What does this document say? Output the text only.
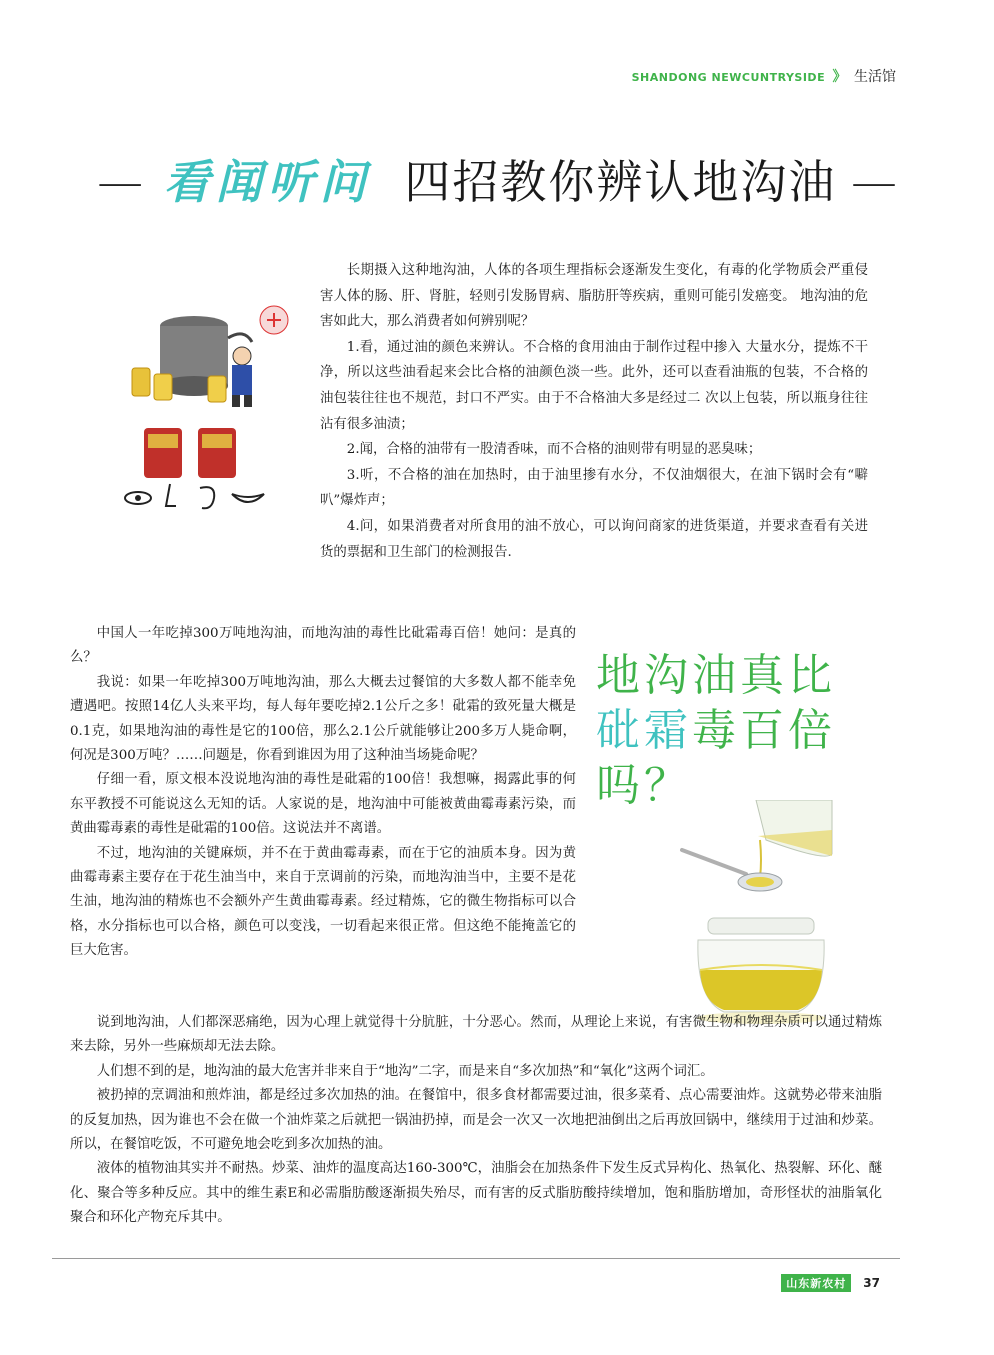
SHANDONG NEWCUNTRYSIDE 》 生活馆
— 看闻听问 四招教你辨认地沟油 —

长期摄入这种地沟油，人体的各项生理指标会逐渐发生变化，有毒的化学物质会严重侵害人体的肠、肝、肾脏，轻则引发肠胃病、脂肪肝等疾病，重则可能引发癌变。 地沟油的危害如此大，那么消费者如何辨别呢？

1.看，通过油的颜色来辨认。不合格的食用油由于制作过程中掺入 大量水分，提炼不干净，所以这些油看起来会比合格的油颜色淡一些。此外，还可以查看油瓶的包装，不合格的油包装往往也不规范，封口不严实。由于不合格油大多是经过二 次以上包装，所以瓶身往往沾有很多油渍；

2.闻，合格的油带有一股清香味，而不合格的油则带有明显的恶臭味；

3.听，不合格的油在加热时，由于油里掺有水分，不仅油烟很大，在油下锅时会有“噼叭”爆炸声；

4.问，如果消费者对所食用的油不放心，可以询问商家的进货渠道，并要求查看有关进货的票据和卫生部门的检测报告.

地沟油真比
砒霜毒百倍
吗？

中国人一年吃掉300万吨地沟油，而地沟油的毒性比砒霜毒百倍！她问：是真的么？

我说：如果一年吃掉300万吨地沟油，那么大概去过餐馆的大多数人都不能幸免遭遇吧。按照14亿人头来平均，每人每年要吃掉2.1公斤之多！砒霜的致死量大概是0.1克，如果地沟油的毒性是它的100倍，那么2.1公斤就能够让200多万人毙命啊，何况是300万吨？……问题是，你看到谁因为用了这种油当场毙命呢？

仔细一看，原文根本没说地沟油的毒性是砒霜的100倍！我想嘛，揭露此事的何东平教授不可能说这么无知的话。人家说的是，地沟油中可能被黄曲霉毒素污染，而黄曲霉毒素的毒性是砒霜的100倍。这说法并不离谱。

不过，地沟油的关键麻烦，并不在于黄曲霉毒素，而在于它的油质本身。因为黄曲霉毒素主要存在于花生油当中，来自于烹调前的污染，而地沟油当中，主要不是花生油，地沟油的精炼也不会额外产生黄曲霉毒素。经过精炼，它的微生物指标可以合格，水分指标也可以合格，颜色可以变浅，一切看起来很正常。但这绝不能掩盖它的巨大危害。

说到地沟油，人们都深恶痛绝，因为心理上就觉得十分肮脏，十分恶心。然而，从理论上来说，有害微生物和物理杂质可以通过精炼来去除，另外一些麻烦却无法去除。

人们想不到的是，地沟油的最大危害并非来自于“地沟”二字，而是来自“多次加热”和“氧化”这两个词汇。

被扔掉的烹调油和煎炸油，都是经过多次加热的油。在餐馆中，很多食材都需要过油，很多菜肴、点心需要油炸。这就势必带来油脂的反复加热，因为谁也不会在做一个油炸菜之后就把一锅油扔掉，而是会一次又一次地把油倒出之后再放回锅中，继续用于过油和炒菜。所以，在餐馆吃饭，不可避免地会吃到多次加热的油。

液体的植物油其实并不耐热。炒菜、油炸的温度高达160-300℃，油脂会在加热条件下发生反式异构化、热氧化、热裂解、环化、醚化、聚合等多种反应。其中的维生素E和必需脂肪酸逐渐损失殆尽，而有害的反式脂肪酸持续增加，饱和脂肪增加，奇形怪状的油脂氧化聚合和环化产物充斥其中。

山东新农村	37
